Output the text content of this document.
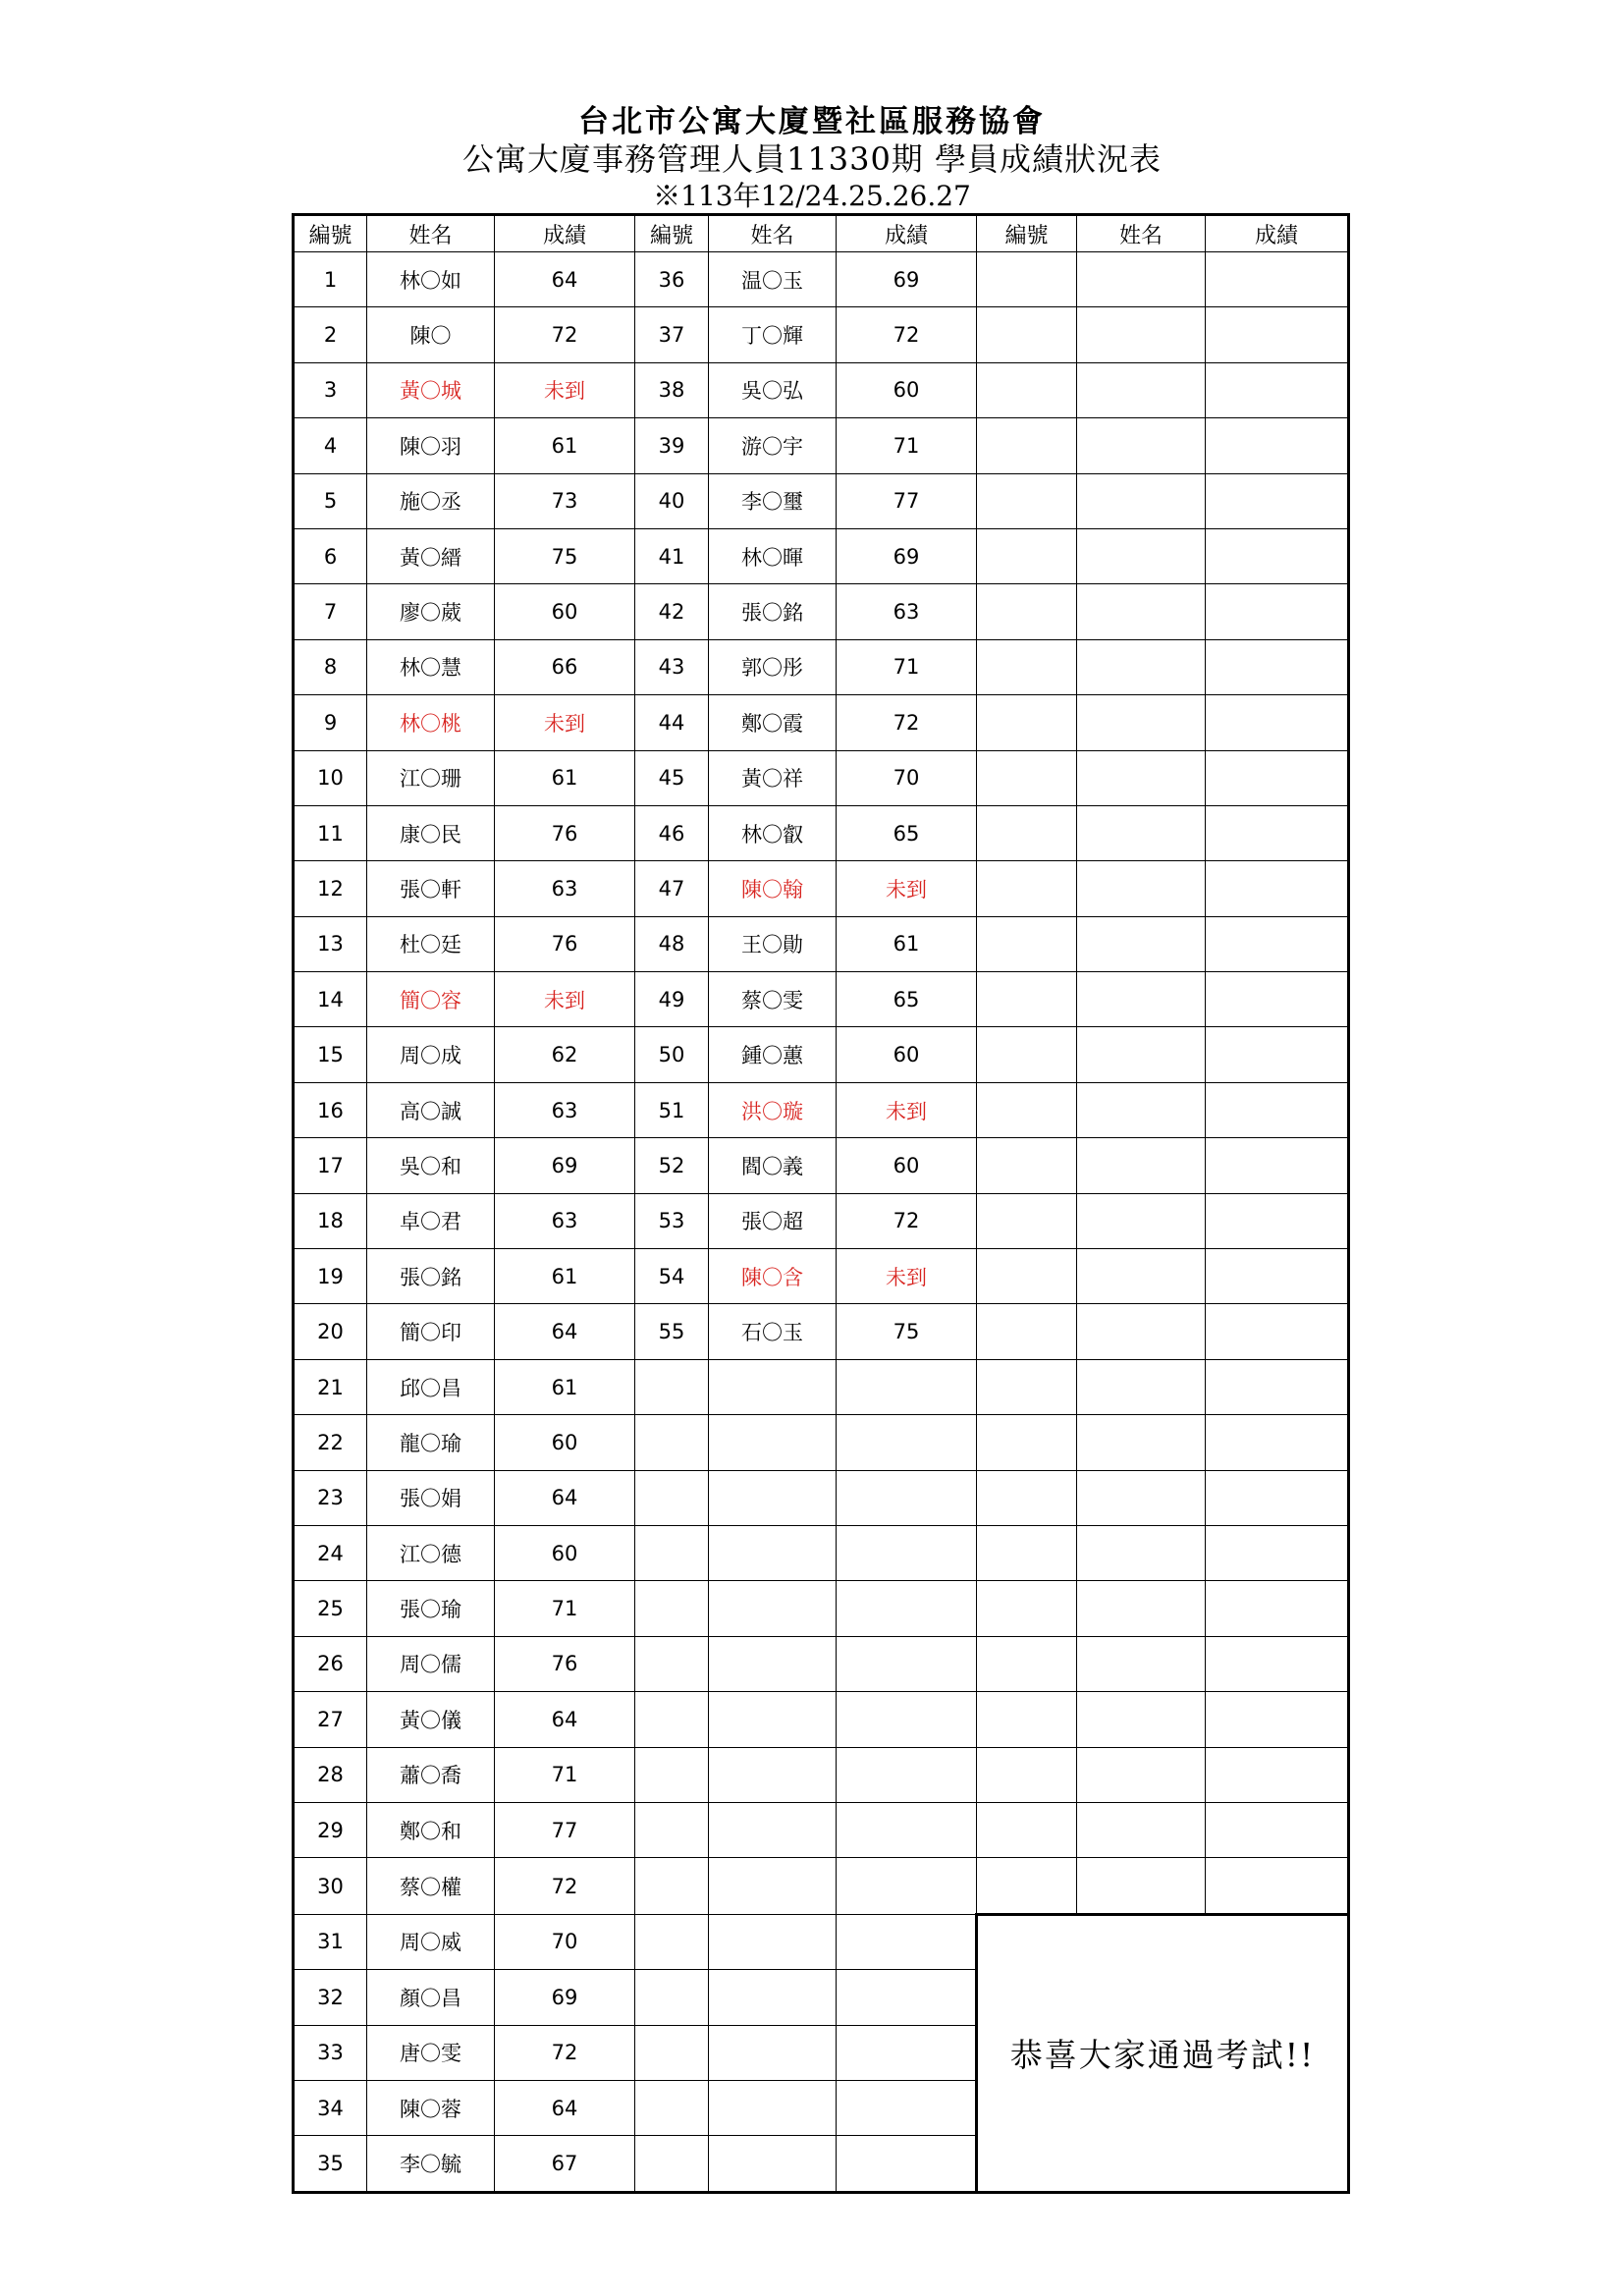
台北市公寓大廈暨社區服務協會
公寓大廈事務管理人員11330期 學員成績狀況表
※113年12/24.25.26.27
編號	姓名	成績	編號	姓名	成績	編號	姓名	成績
1	林〇如	64	36	温〇玉	69			
2	陳〇	72	37	丁〇輝	72			
3	黃〇城	未到	38	吳〇弘	60			
4	陳〇羽	61	39	游〇宇	71			
5	施〇丞	73	40	李〇璽	77			
6	黃〇縉	75	41	林〇暉	69			
7	廖〇葳	60	42	張〇銘	63			
8	林〇慧	66	43	郭〇彤	71			
9	林〇桃	未到	44	鄭〇霞	72			
10	江〇珊	61	45	黃〇祥	70			
11	康〇民	76	46	林〇叡	65			
12	張〇軒	63	47	陳〇翰	未到			
13	杜〇廷	76	48	王〇勛	61			
14	簡〇容	未到	49	蔡〇雯	65			
15	周〇成	62	50	鍾〇蕙	60			
16	高〇誠	63	51	洪〇璇	未到			
17	吳〇和	69	52	閻〇義	60			
18	卓〇君	63	53	張〇超	72			
19	張〇銘	61	54	陳〇含	未到			
20	簡〇印	64	55	石〇玉	75			
21	邱〇昌	61						
22	龍〇瑜	60						
23	張〇娟	64						
24	江〇德	60						
25	張〇瑜	71						
26	周〇儒	76						
27	黃〇儀	64						
28	蕭〇喬	71						
29	鄭〇和	77						
30	蔡〇權	72						
31	周〇威	70				恭喜大家通過考試!!		
32	顏〇昌	69						
33	唐〇雯	72						
34	陳〇蓉	64						
35	李〇毓	67						
